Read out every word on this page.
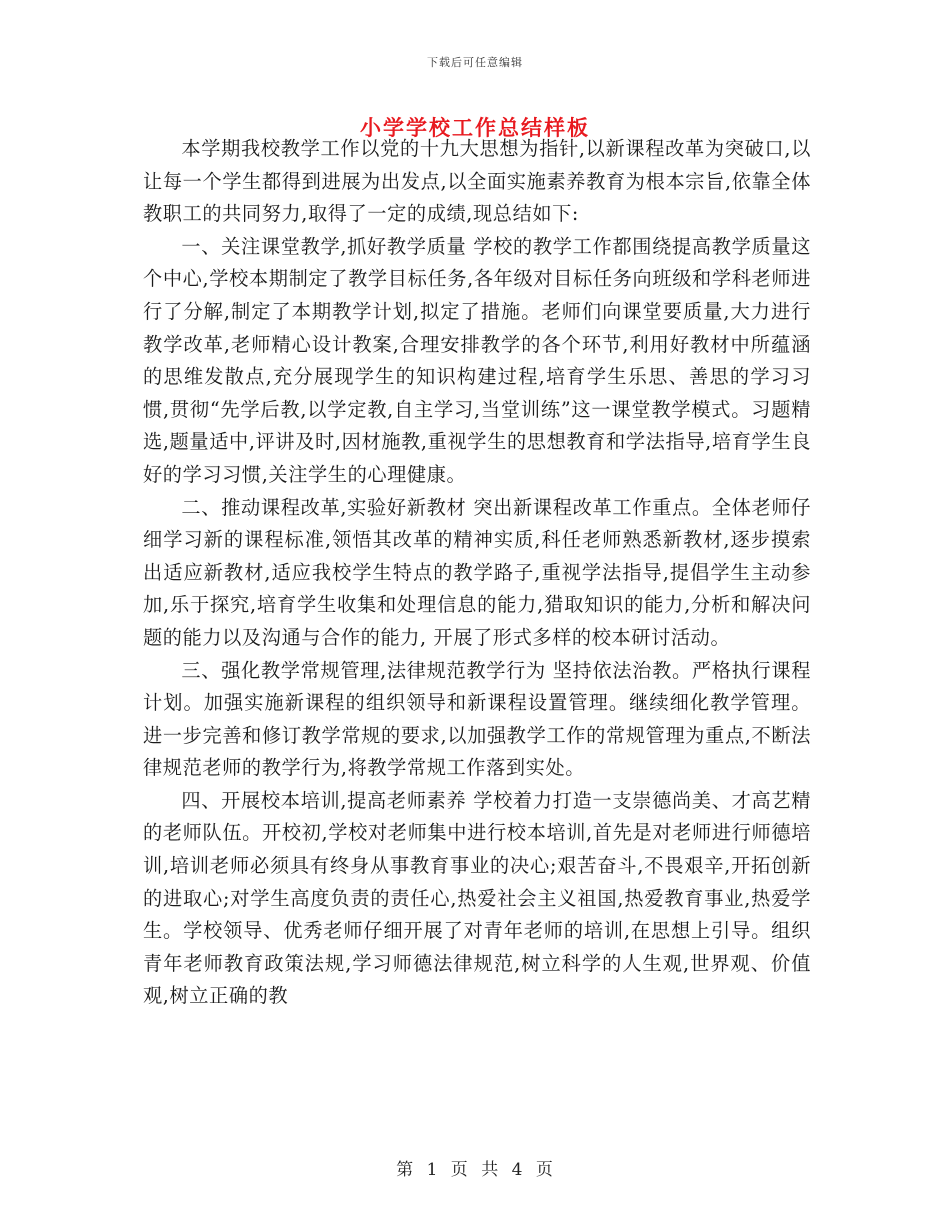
下载后可任意编辑
小学学校工作总结样板

本学期我校教学工作以党的十九大思想为指针,以新课程改革为突破口,以让每一个学生都得到进展为出发点,以全面实施素养教育为根本宗旨,依靠全体教职工的共同努力,取得了一定的成绩,现总结如下:

一、关注课堂教学,抓好教学质量 学校的教学工作都围绕提高教学质量这个中心,学校本期制定了教学目标任务,各年级对目标任务向班级和学科老师进行了分解,制定了本期教学计划,拟定了措施。老师们向课堂要质量,大力进行教学改革,老师精心设计教案,合理安排教学的各个环节,利用好教材中所蕴涵的思维发散点,充分展现学生的知识构建过程,培育学生乐思、善思的学习习惯,贯彻“先学后教,以学定教,自主学习,当堂训练”这一课堂教学模式。习题精选,题量适中,评讲及时,因材施教,重视学生的思想教育和学法指导,培育学生良好的学习习惯,关注学生的心理健康。

二、推动课程改革,实验好新教材 突出新课程改革工作重点。全体老师仔细学习新的课程标准,领悟其改革的精神实质,科任老师熟悉新教材,逐步摸索出适应新教材,适应我校学生特点的教学路子,重视学法指导,提倡学生主动参加,乐于探究,培育学生收集和处理信息的能力,猎取知识的能力,分析和解决问题的能力以及沟通与合作的能力, 开展了形式多样的校本研讨活动。

三、强化教学常规管理,法律规范教学行为 坚持依法治教。严格执行课程计划。加强实施新课程的组织领导和新课程设置管理。继续细化教学管理。进一步完善和修订教学常规的要求,以加强教学工作的常规管理为重点,不断法律规范老师的教学行为,将教学常规工作落到实处。

四、开展校本培训,提高老师素养 学校着力打造一支崇德尚美、才高艺精的老师队伍。开校初,学校对老师集中进行校本培训,首先是对老师进行师德培训,培训老师必须具有终身从事教育事业的决心;艰苦奋斗,不畏艰辛,开拓创新的进取心;对学生高度负责的责任心,热爱社会主义祖国,热爱教育事业,热爱学生。学校领导、优秀老师仔细开展了对青年老师的培训,在思想上引导。组织青年老师教育政策法规,学习师德法律规范,树立科学的人生观,世界观、价值观,树立正确的教

第 1 页 共 4 页
